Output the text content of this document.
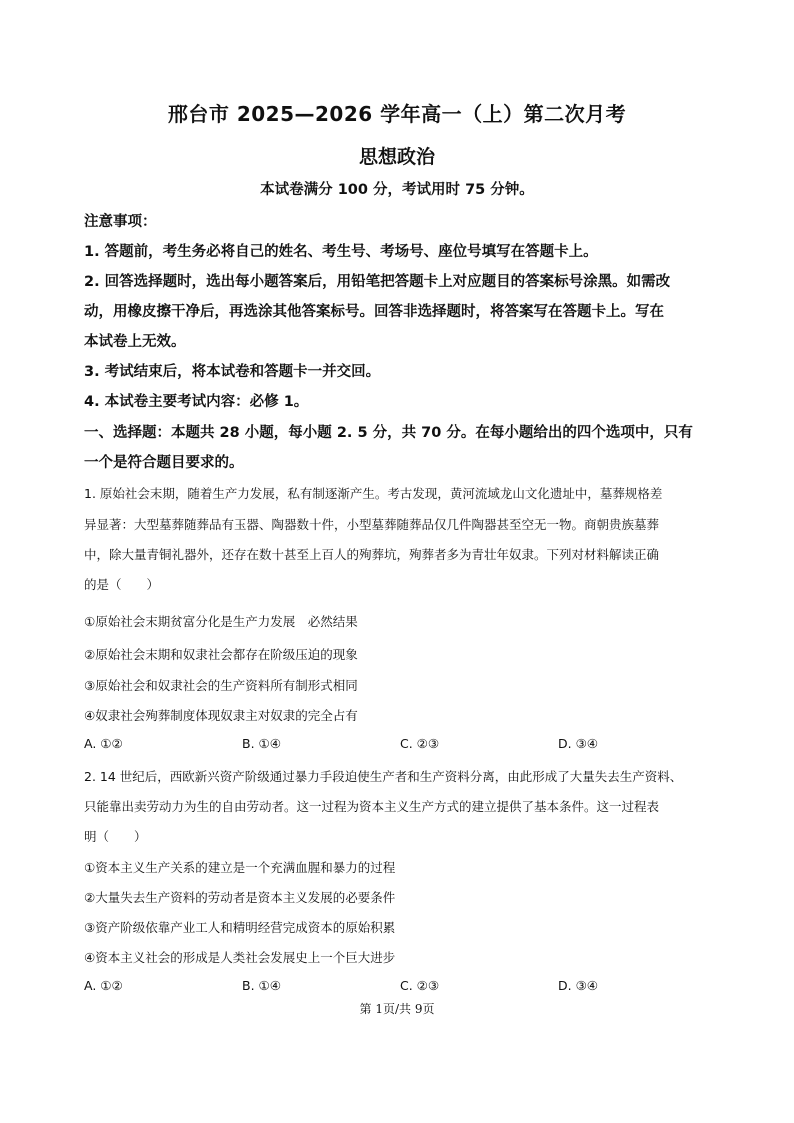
邢台市 2025—2026 学年高一（上）第二次月考
思想政治
本试卷满分 100 分，考试用时 75 分钟。
注意事项：
1. 答题前，考生务必将自己的姓名、考生号、考场号、座位号填写在答题卡上。
2. 回答选择题时，选出每小题答案后，用铅笔把答题卡上对应题目的答案标号涂黑。如需改
动，用橡皮擦干净后，再选涂其他答案标号。回答非选择题时，将答案写在答题卡上。写在
本试卷上无效。
3. 考试结束后，将本试卷和答题卡一并交回。
4. 本试卷主要考试内容：必修 1。
一、选择题：本题共 28 小题，每小题 2. 5 分，共 70 分。在每小题给出的四个选项中，只有
一个是符合题目要求的。
1. 原始社会末期，随着生产力发展，私有制逐渐产生。考古发现，黄河流域龙山文化遗址中，墓葬规格差
异显著：大型墓葬随葬品有玉器、陶器数十件，小型墓葬随葬品仅几件陶器甚至空无一物。商朝贵族墓葬
中，除大量青铜礼器外，还存在数十甚至上百人的殉葬坑，殉葬者多为青壮年奴隶。下列对材料解读正确
的是（　　）
①原始社会末期贫富分化是生产力发展　必然结果
②原始社会末期和奴隶社会都存在阶级压迫的现象
③原始社会和奴隶社会的生产资料所有制形式相同
④奴隶社会殉葬制度体现奴隶主对奴隶的完全占有
A. ①②	B. ①④	C. ②③	D. ③④
2. 14 世纪后，西欧新兴资产阶级通过暴力手段迫使生产者和生产资料分离，由此形成了大量失去生产资料、
只能靠出卖劳动力为生的自由劳动者。这一过程为资本主义生产方式的建立提供了基本条件。这一过程表
明（　　）
①资本主义生产关系的建立是一个充满血腥和暴力的过程
②大量失去生产资料的劳动者是资本主义发展的必要条件
③资产阶级依靠产业工人和精明经营完成资本的原始积累
④资本主义社会的形成是人类社会发展史上一个巨大进步
A. ①②	B. ①④	C. ②③	D. ③④
第 1页/共 9页
